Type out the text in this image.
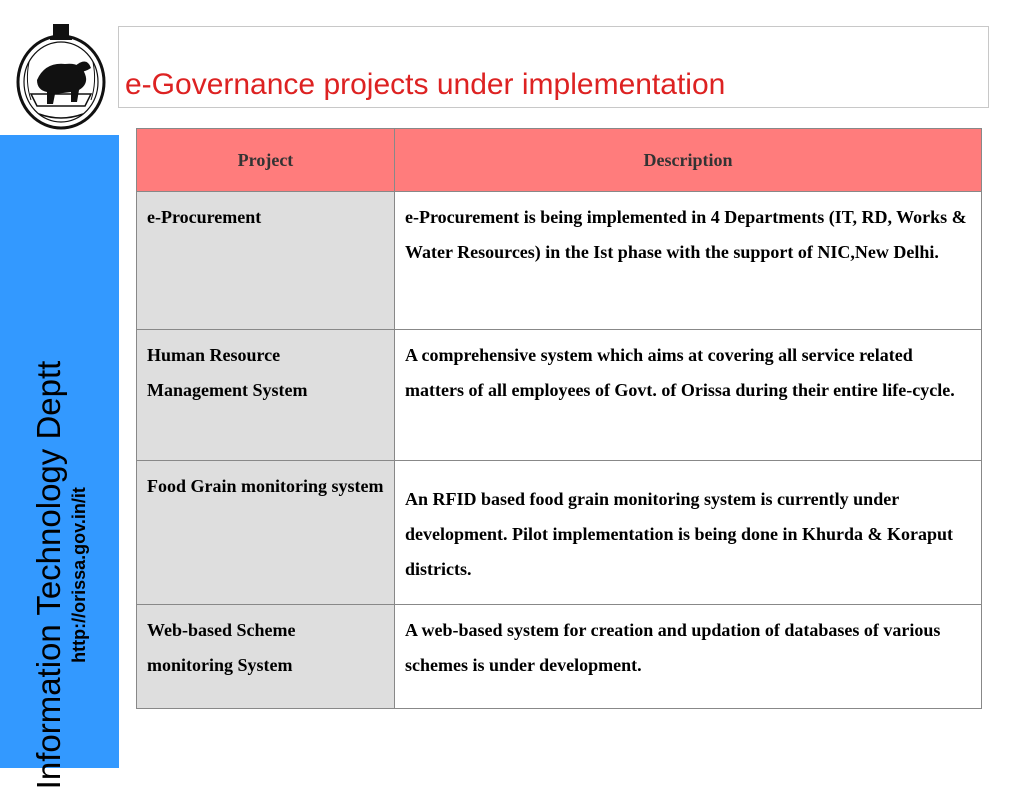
Information Technology Deptt http://orissa.gov.in/it
e-Governance projects under implementation
Project	Description
e-Procurement	e-Procurement is being implemented in 4 Departments (IT, RD, Works & Water Resources) in the Ist phase with the support of NIC,New Delhi.
Human Resource Management System	A comprehensive system which aims at covering all service related matters of all employees of Govt. of Orissa during their entire life-cycle.
Food Grain monitoring system	An RFID based food grain monitoring system is currently under development. Pilot implementation is being done in Khurda & Koraput districts.
Web-based Scheme monitoring System	A web-based system for creation and updation of databases of various schemes is under development.
